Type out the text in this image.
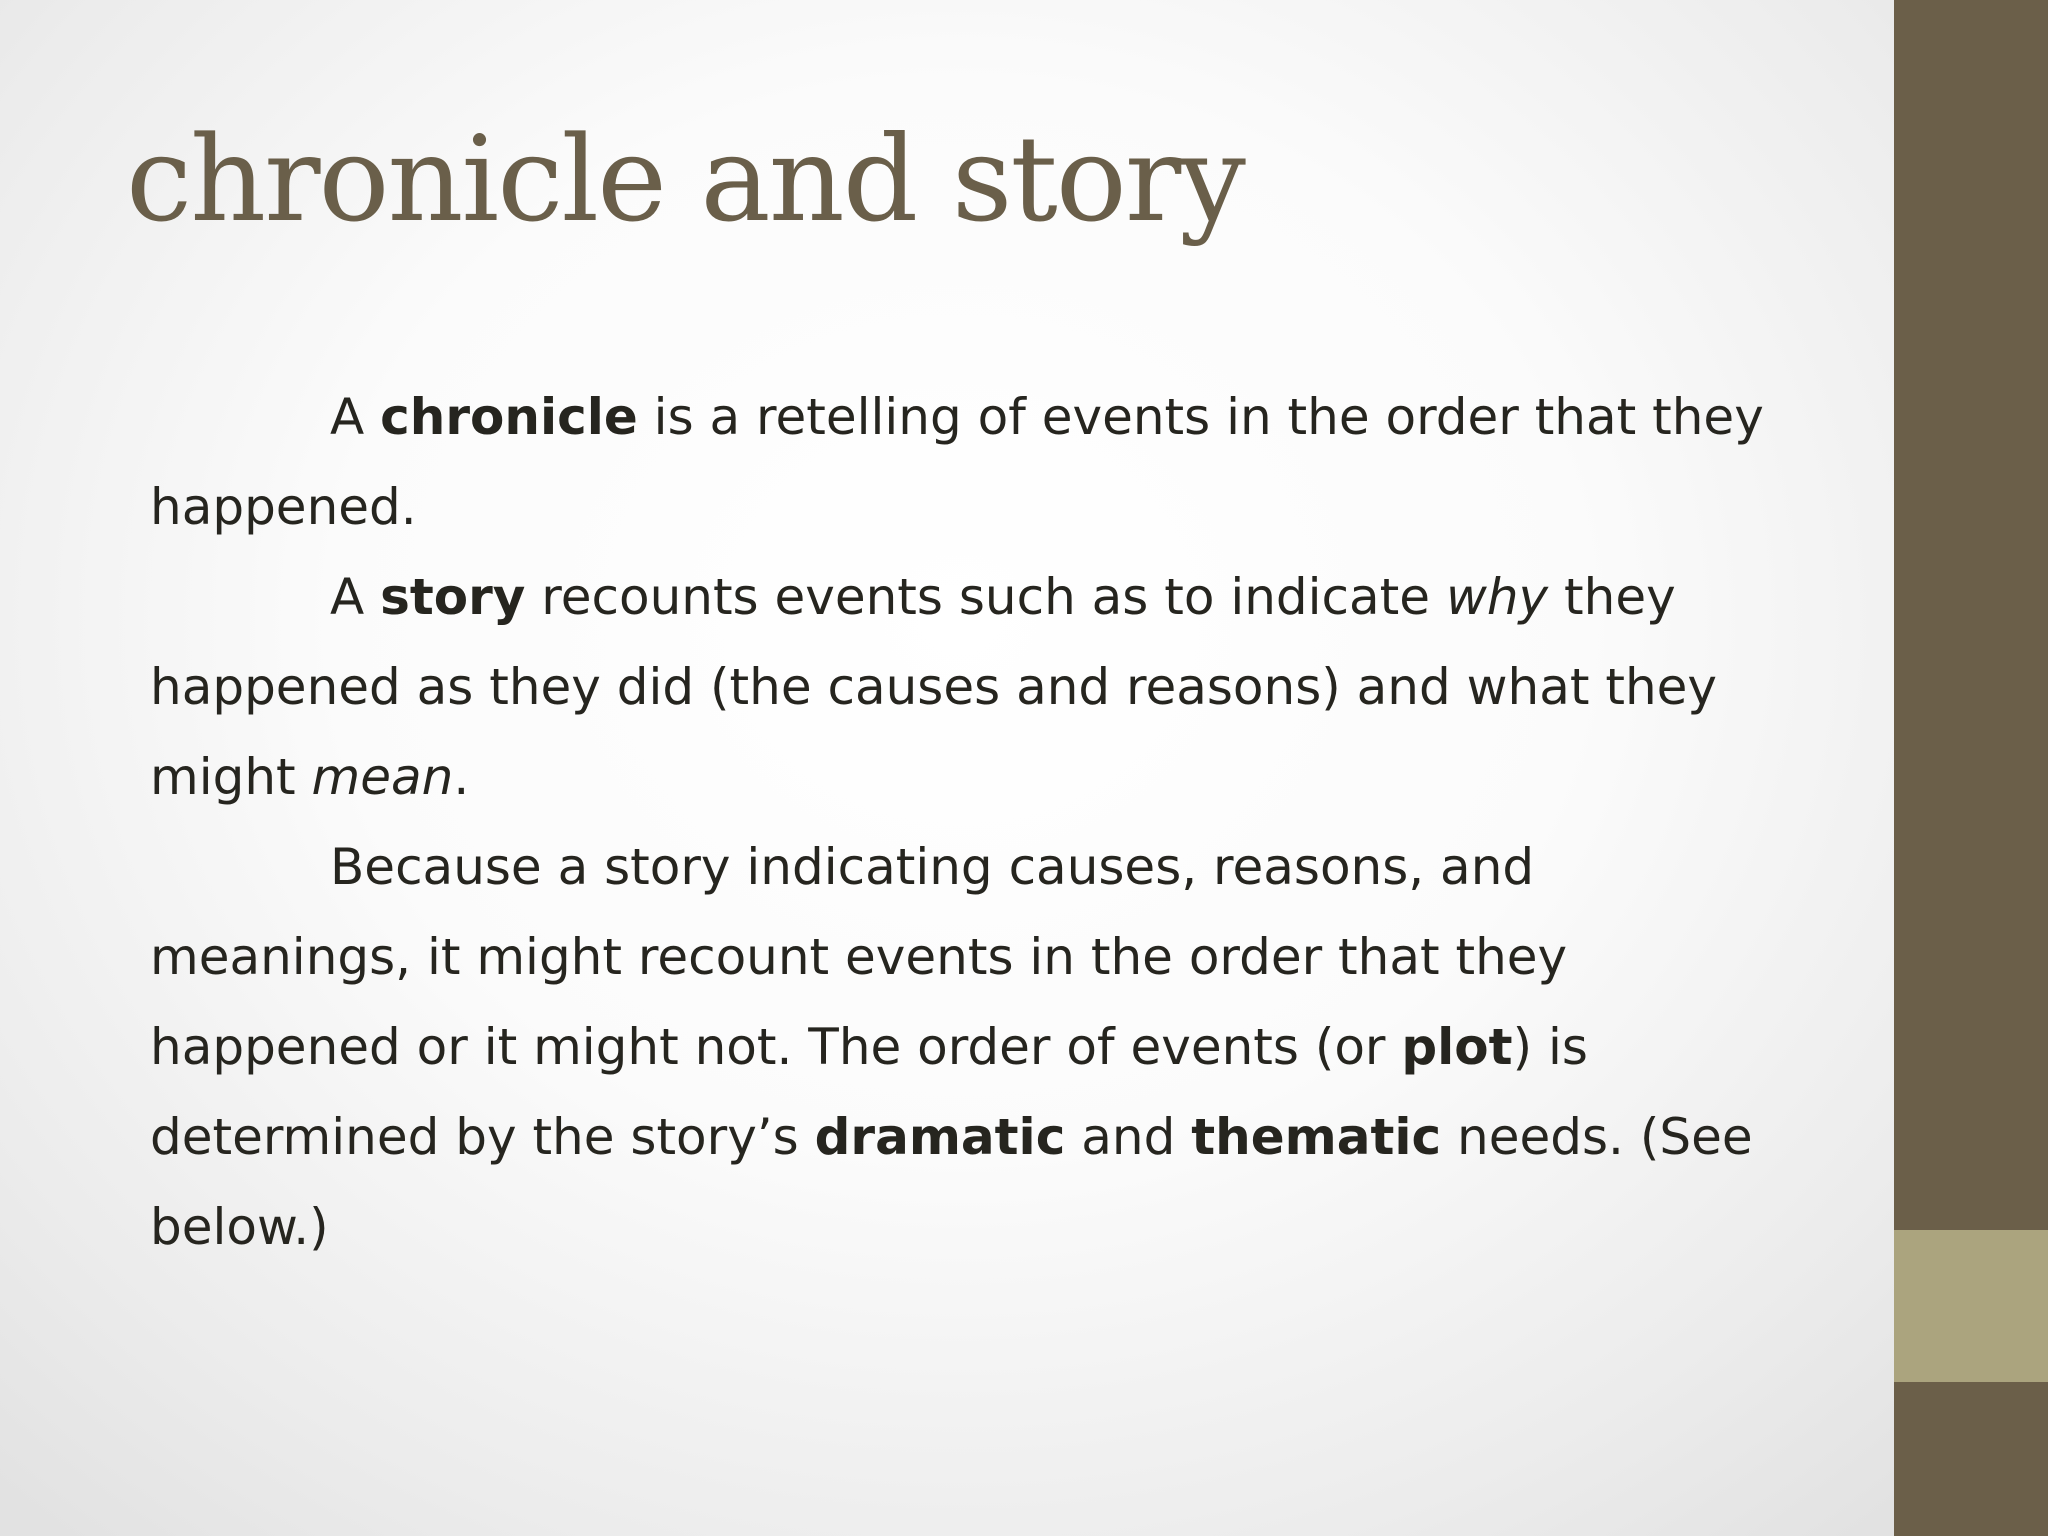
chronicle and story

A chronicle is a retelling of events in the order that they happened.

A story recounts events such as to indicate why they happened as they did (the causes and reasons) and what they might mean.

Because a story indicating causes, reasons, and meanings, it might recount events in the order that they happened or it might not. The order of events (or plot) is determined by the story’s dramatic and thematic needs. (See below.)
